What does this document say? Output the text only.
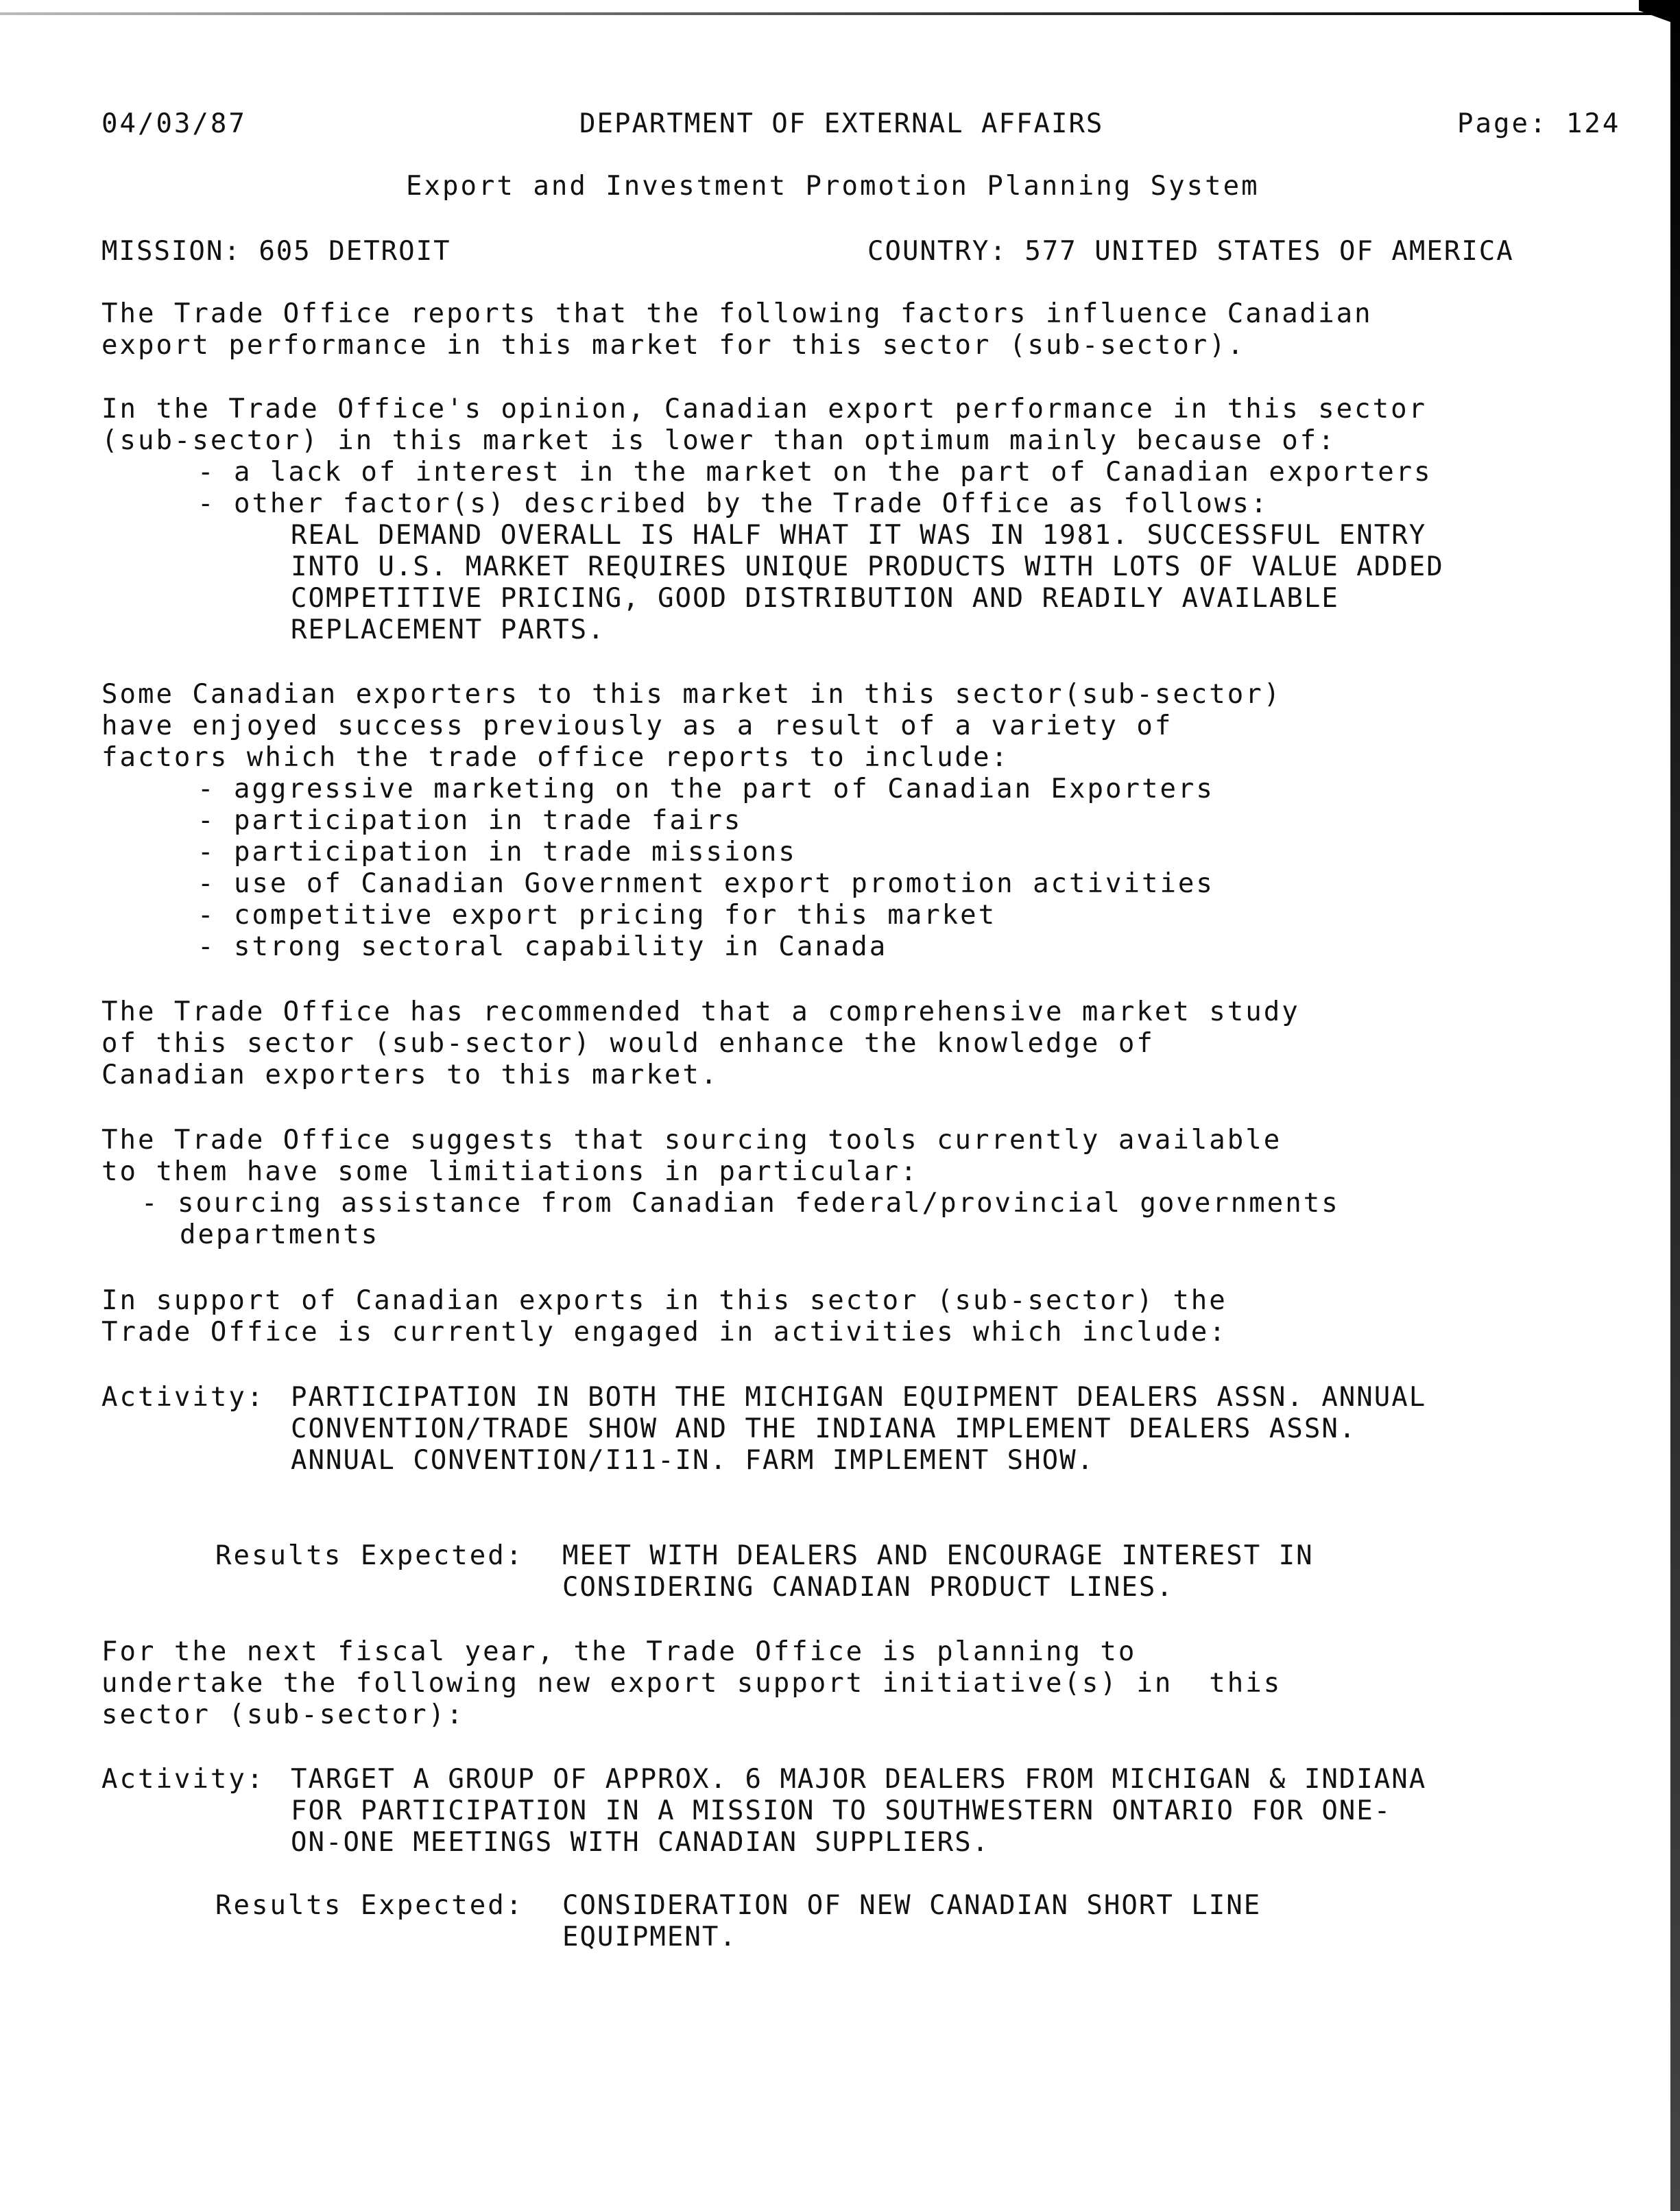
04/03/87	DEPARTMENT OF EXTERNAL AFFAIRS	Page: 124
Export and Investment Promotion Planning System
MISSION: 605 DETROIT	COUNTRY: 577 UNITED STATES OF AMERICA
The Trade Office reports that the following factors influence Canadian
export performance in this market for this sector (sub-sector).
In the Trade Office's opinion, Canadian export performance in this sector
(sub-sector) in this market is lower than optimum mainly because of:
- a lack of interest in the market on the part of Canadian exporters
- other factor(s) described by the Trade Office as follows:
REAL DEMAND OVERALL IS HALF WHAT IT WAS IN 1981. SUCCESSFUL ENTRY
INTO U.S. MARKET REQUIRES UNIQUE PRODUCTS WITH LOTS OF VALUE ADDED
COMPETITIVE PRICING, GOOD DISTRIBUTION AND READILY AVAILABLE
REPLACEMENT PARTS.
Some Canadian exporters to this market in this sector(sub-sector)
have enjoyed success previously as a result of a variety of
factors which the trade office reports to include:
- aggressive marketing on the part of Canadian Exporters
- participation in trade fairs
- participation in trade missions
- use of Canadian Government export promotion activities
- competitive export pricing for this market
- strong sectoral capability in Canada
The Trade Office has recommended that a comprehensive market study
of this sector (sub-sector) would enhance the knowledge of
Canadian exporters to this market.
The Trade Office suggests that sourcing tools currently available
to them have some limitiations in particular:
- sourcing assistance from Canadian federal/provincial governments
departments
In support of Canadian exports in this sector (sub-sector) the
Trade Office is currently engaged in activities which include:
Activity: PARTICIPATION IN BOTH THE MICHIGAN EQUIPMENT DEALERS ASSN. ANNUAL
CONVENTION/TRADE SHOW AND THE INDIANA IMPLEMENT DEALERS ASSN.
ANNUAL CONVENTION/I11-IN. FARM IMPLEMENT SHOW.
Results Expected: MEET WITH DEALERS AND ENCOURAGE INTEREST IN
CONSIDERING CANADIAN PRODUCT LINES.
For the next fiscal year, the Trade Office is planning to
undertake the following new export support initiative(s) in  this
sector (sub-sector):
Activity: TARGET A GROUP OF APPROX. 6 MAJOR DEALERS FROM MICHIGAN & INDIANA
FOR PARTICIPATION IN A MISSION TO SOUTHWESTERN ONTARIO FOR ONE-
ON-ONE MEETINGS WITH CANADIAN SUPPLIERS.
Results Expected: CONSIDERATION OF NEW CANADIAN SHORT LINE
EQUIPMENT.
